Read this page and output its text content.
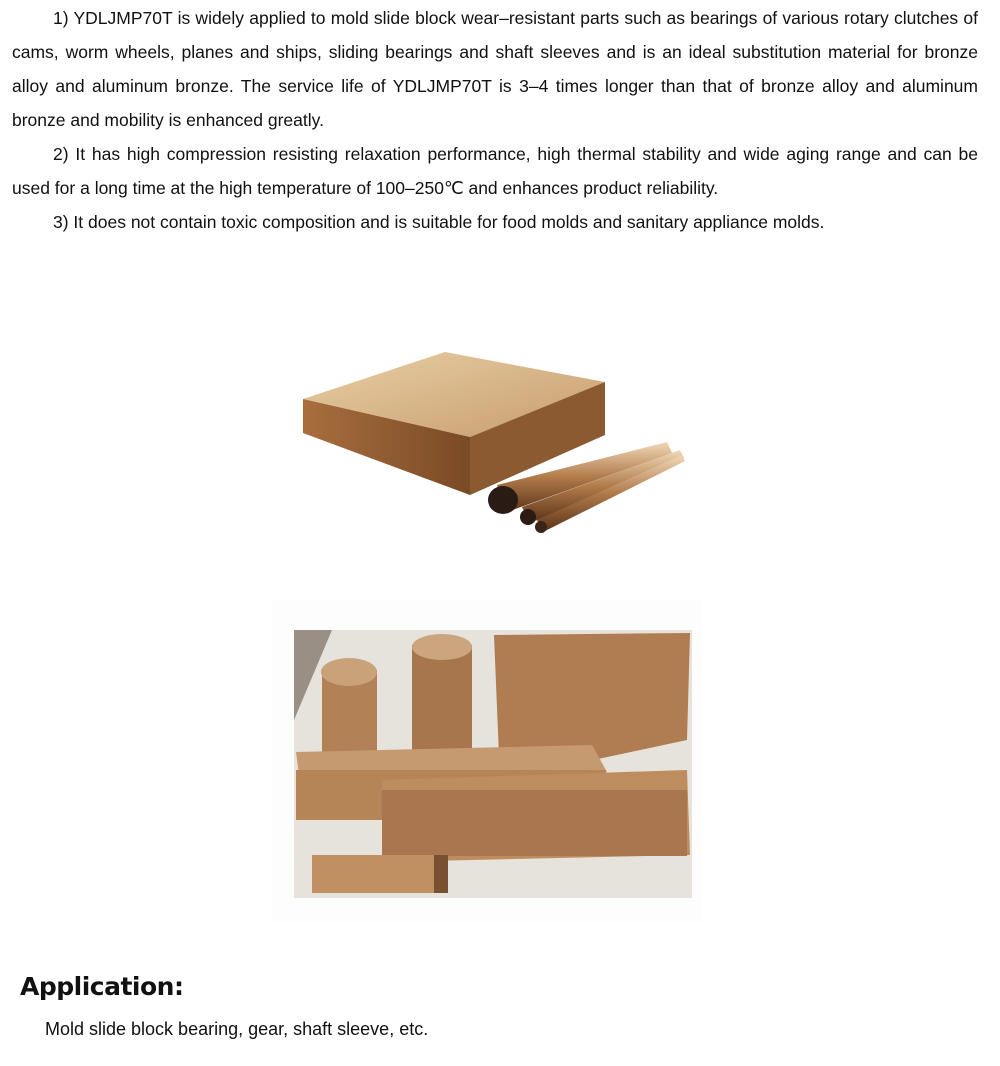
1) YDLJMP70T is widely applied to mold slide block wear–resistant parts such as bearings of various rotary clutches of cams, worm wheels, planes and ships, sliding bearings and shaft sleeves and is an ideal substitution material for bronze alloy and aluminum bronze. The service life of YDLJMP70T is 3–4 times longer than that of bronze alloy and aluminum bronze and mobility is enhanced greatly.

2) It has high compression resisting relaxation performance, high thermal stability and wide aging range and can be used for a long time at the high temperature of 100–250℃ and enhances product reliability.

3) It does not contain toxic composition and is suitable for food molds and sanitary appliance molds.

Application:

Mold slide block bearing, gear, shaft sleeve, etc.
